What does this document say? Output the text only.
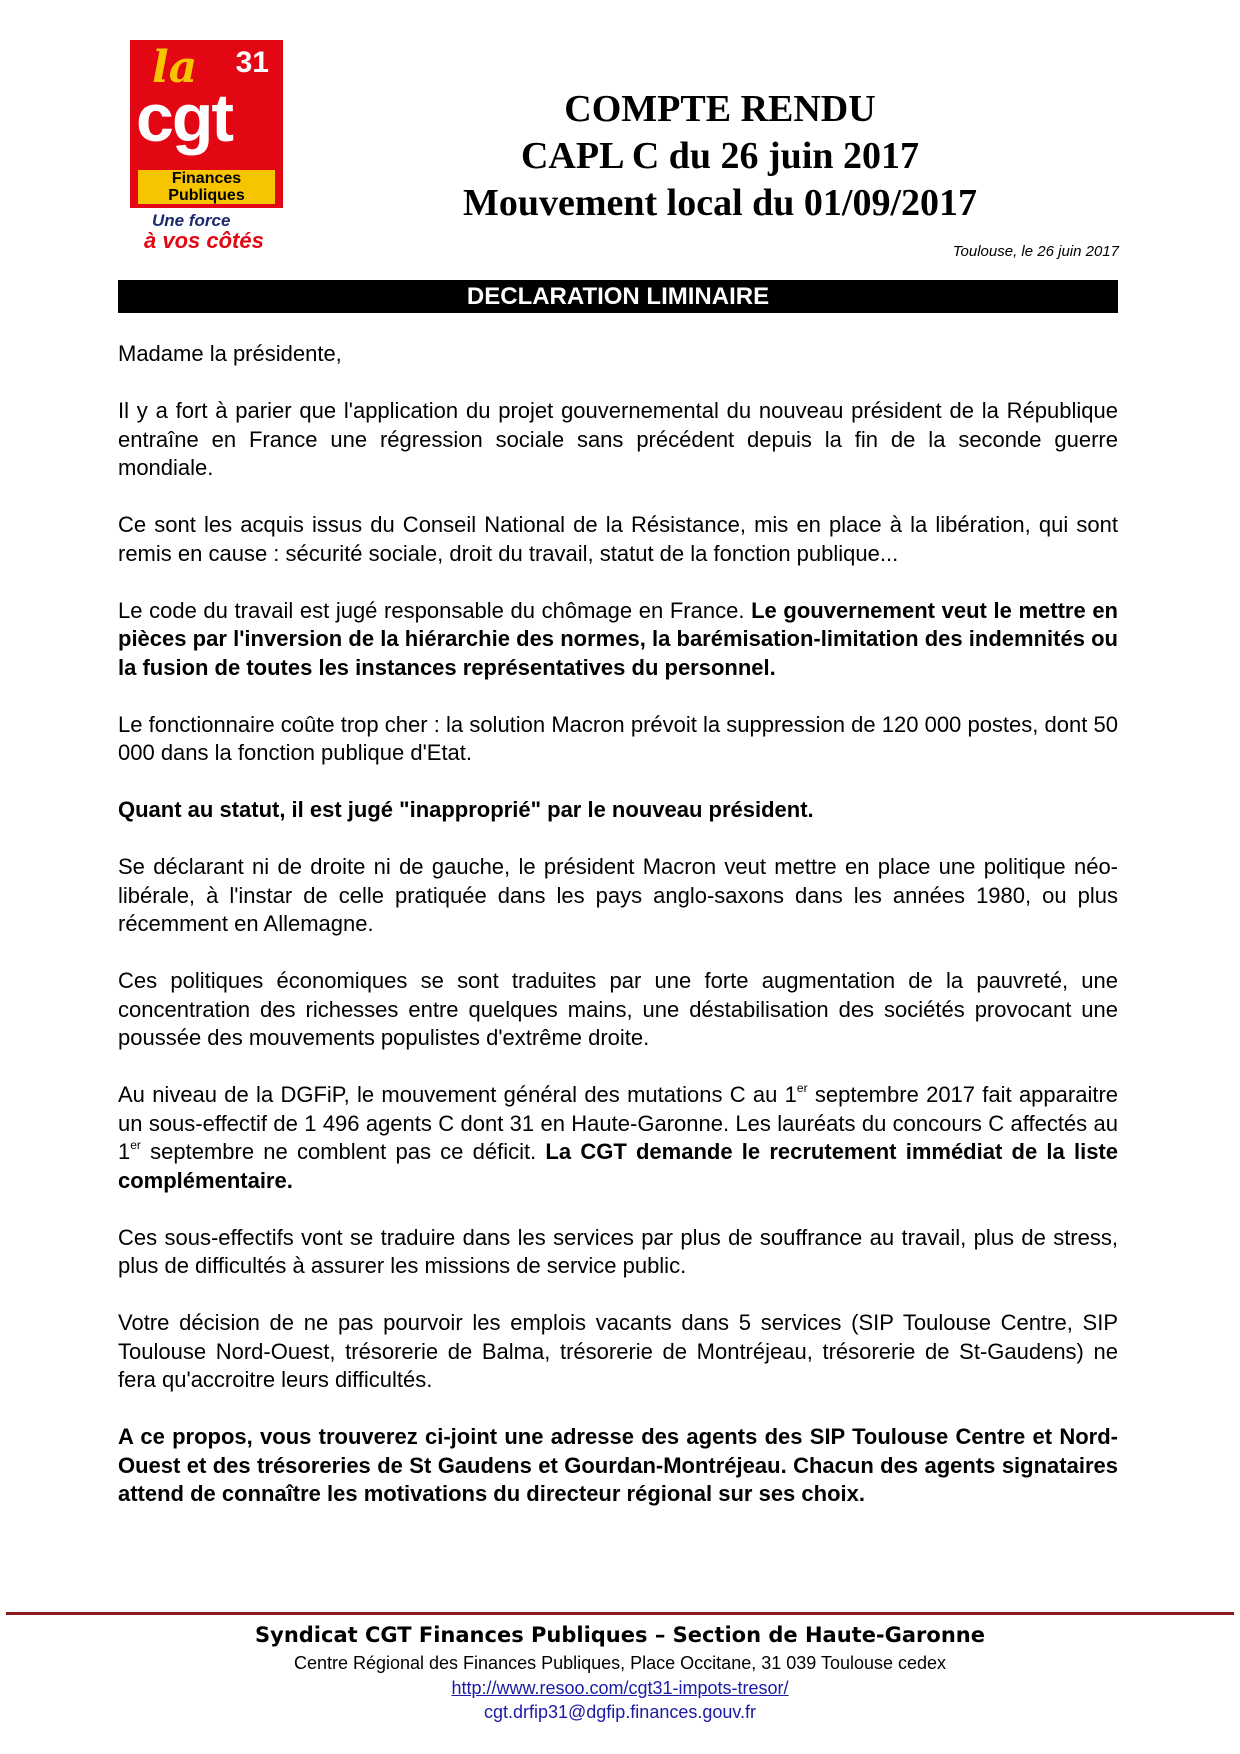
la 31
cgt
Finances
Publiques
Une force
à vos côtés
COMPTE RENDU
CAPL C du 26 juin 2017
Mouvement local du 01/09/2017
Toulouse, le 26 juin 2017
DECLARATION LIMINAIRE

Madame la présidente,

Il y a fort à parier que l'application du projet gouvernemental du nouveau président de la République entraîne en France une régression sociale sans précédent depuis la fin de la seconde guerre mondiale.

Ce sont les acquis issus du Conseil National de la Résistance, mis en place à la libération, qui sont remis en cause : sécurité sociale, droit du travail, statut de la fonction publique...

Le code du travail est jugé responsable du chômage en France. Le gouvernement veut le mettre en pièces par l'inversion de la hiérarchie des normes, la barémisation-limitation des indemnités ou la fusion de toutes les instances représentatives du personnel.

Le fonctionnaire coûte trop cher : la solution Macron prévoit la suppression de 120 000 postes, dont 50 000 dans la fonction publique d'Etat.

Quant au statut, il est jugé "inapproprié" par le nouveau président.

Se déclarant ni de droite ni de gauche, le président Macron veut mettre en place une politique néo-libérale, à l'instar de celle pratiquée dans les pays anglo-saxons dans les années 1980, ou plus récemment en Allemagne.

Ces politiques économiques se sont traduites par une forte augmentation de la pauvreté, une concentration des richesses entre quelques mains, une déstabilisation des sociétés provocant une poussée des mouvements populistes d'extrême droite.

Au niveau de la DGFiP, le mouvement général des mutations C au 1er septembre 2017 fait apparaitre un sous-effectif de 1 496 agents C dont 31 en Haute-Garonne. Les lauréats du concours C affectés au 1er septembre ne comblent pas ce déficit. La CGT demande le recrutement immédiat de la liste complémentaire.

Ces sous-effectifs vont se traduire dans les services par plus de souffrance au travail, plus de stress, plus de difficultés à assurer les missions de service public.

Votre décision de ne pas pourvoir les emplois vacants dans 5 services (SIP Toulouse Centre, SIP Toulouse Nord-Ouest, trésorerie de Balma, trésorerie de Montréjeau, trésorerie de St-Gaudens) ne fera qu'accroitre leurs difficultés.

A ce propos, vous trouverez ci-joint une adresse des agents des SIP Toulouse Centre et Nord-Ouest et des trésoreries de St Gaudens et Gourdan-Montréjeau. Chacun des agents signataires attend de connaître les motivations du directeur régional sur ses choix.

Syndicat CGT Finances Publiques – Section de Haute-Garonne
Centre Régional des Finances Publiques, Place Occitane, 31 039 Toulouse cedex
http://www.resoo.com/cgt31-impots-tresor/
cgt.drfip31@dgfip.finances.gouv.fr
